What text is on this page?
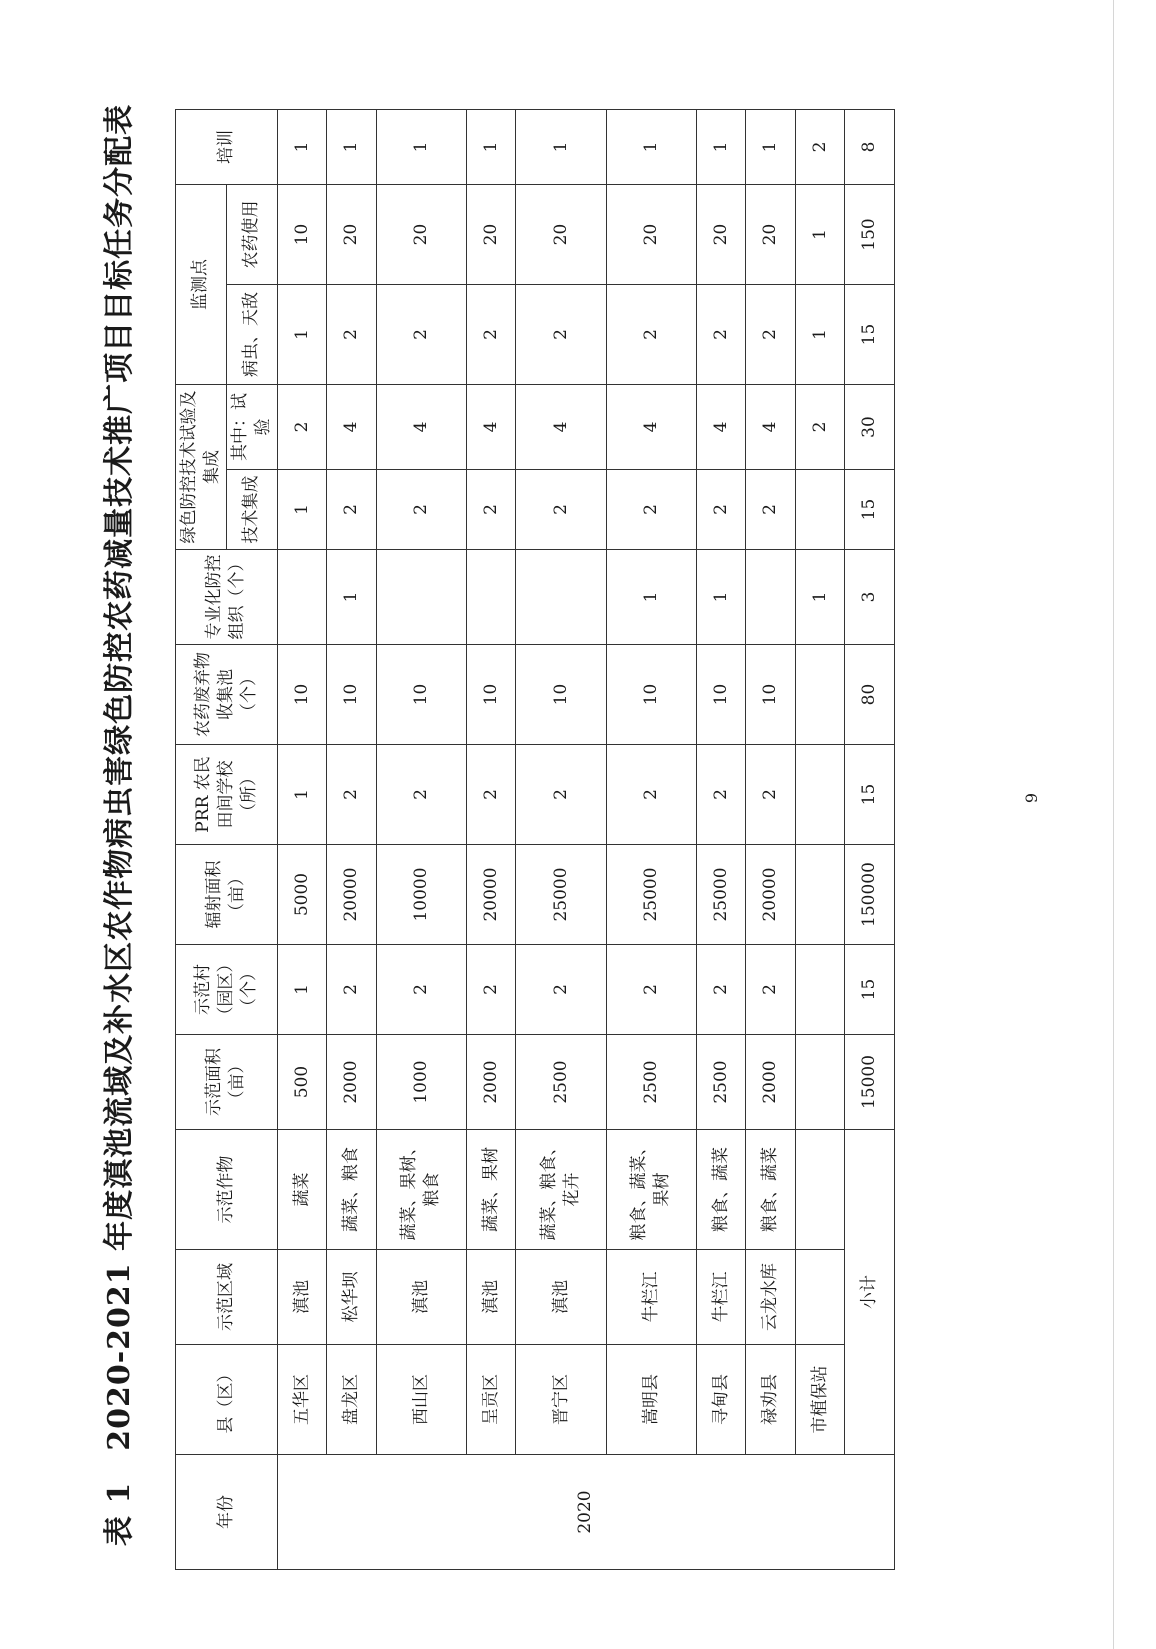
表 1　2020-2021 年度滇池流域及补水区农作物病虫害绿色防控农药减量技术推广项目目标任务分配表	9
年份	县（区）	示范区域	示范作物	示范面积（亩）	示范村（园区）（个）	辐射面积（亩）	PRR 农民田间学校（所）	农药废弃物收集池（个）	专业化防控组织（个）	绿色防控技术试验及集成		监测点		培训
										技术集成	其中：试验	病虫、天敌	农药使用	
2020	五华区	滇池	蔬菜	500	1	5000	1	10		1	2	1	10	1
	盘龙区	松华坝	蔬菜、粮食	2000	2	20000	2	10	1	2	4	2	20	1
	西山区	滇池	蔬菜、果树、粮食	1000	2	10000	2	10		2	4	2	20	1
	呈贡区	滇池	蔬菜、果树	2000	2	20000	2	10		2	4	2	20	1
	晋宁区	滇池	蔬菜、粮食、花卉	2500	2	25000	2	10		2	4	2	20	1
	嵩明县	牛栏江	粮食、蔬菜、果树	2500	2	25000	2	10	1	2	4	2	20	1
	寻甸县	牛栏江	粮食、蔬菜	2500	2	25000	2	10	1	2	4	2	20	1
	禄劝县	云龙水库	粮食、蔬菜	2000	2	20000	2	10		2	4	2	20	1
	市植保站								1		2	1	1	2
	小计			15000	15	150000	15	80	3	15	30	15	150	8
